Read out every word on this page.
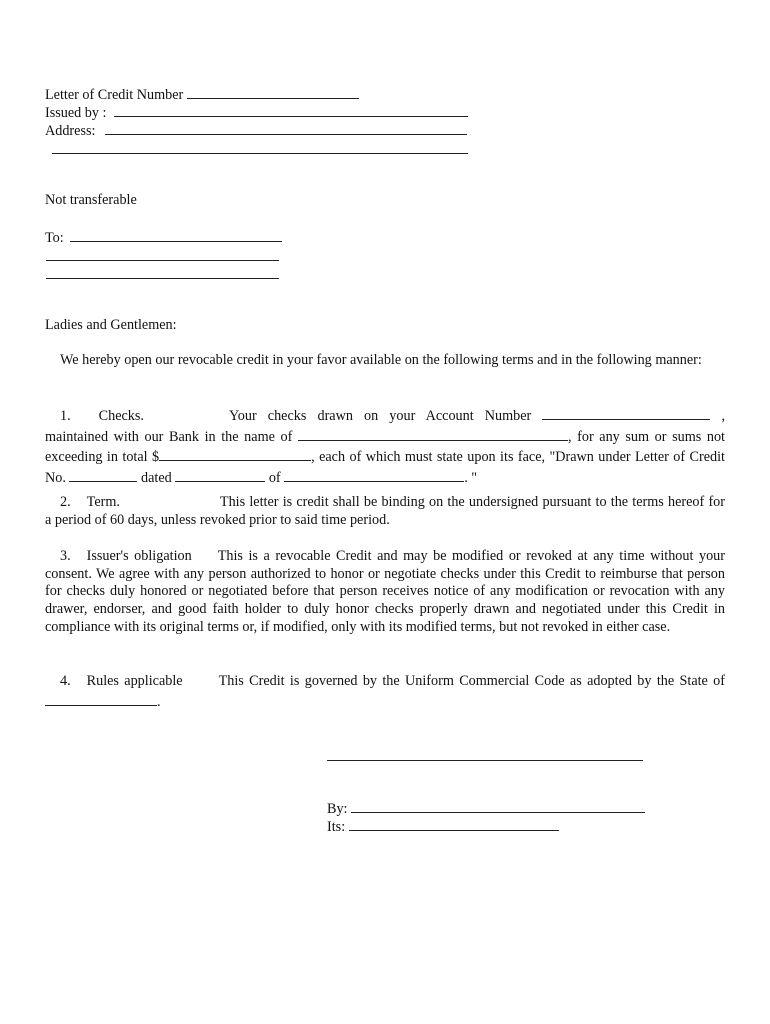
Letter of Credit Number
Issued by :
Address:
Not transferable
To:
Ladies and Gentlemen:
We hereby open our revocable credit in your favor available on the following terms and in the following manner:
1. Checks.	Your checks drawn on your Account Number	, maintained with our Bank in the name of	, for any sum or sums not exceeding in total $	, each of which must state upon its face, "Drawn under Letter of Credit No.	dated	of	. "
2. Term.	This letter is credit shall be binding on the undersigned pursuant to the terms hereof for a period of 60 days, unless revoked prior to said time period.
3. Issuer's obligation This is a revocable Credit and may be modified or revoked at any time without your consent. We agree with any person authorized to honor or negotiate checks under this Credit to reimburse that person for checks duly honored or negotiated before that person receives notice of any modification or revocation with any drawer, endorser, and good faith holder to duly honor checks properly drawn and negotiated under this Credit in compliance with its original terms or, if modified, only with its modified terms, but not revoked in either case.
4. Rules applicable	This Credit is governed by the Uniform Commercial Code as adopted by the State of .
By:
Its:
